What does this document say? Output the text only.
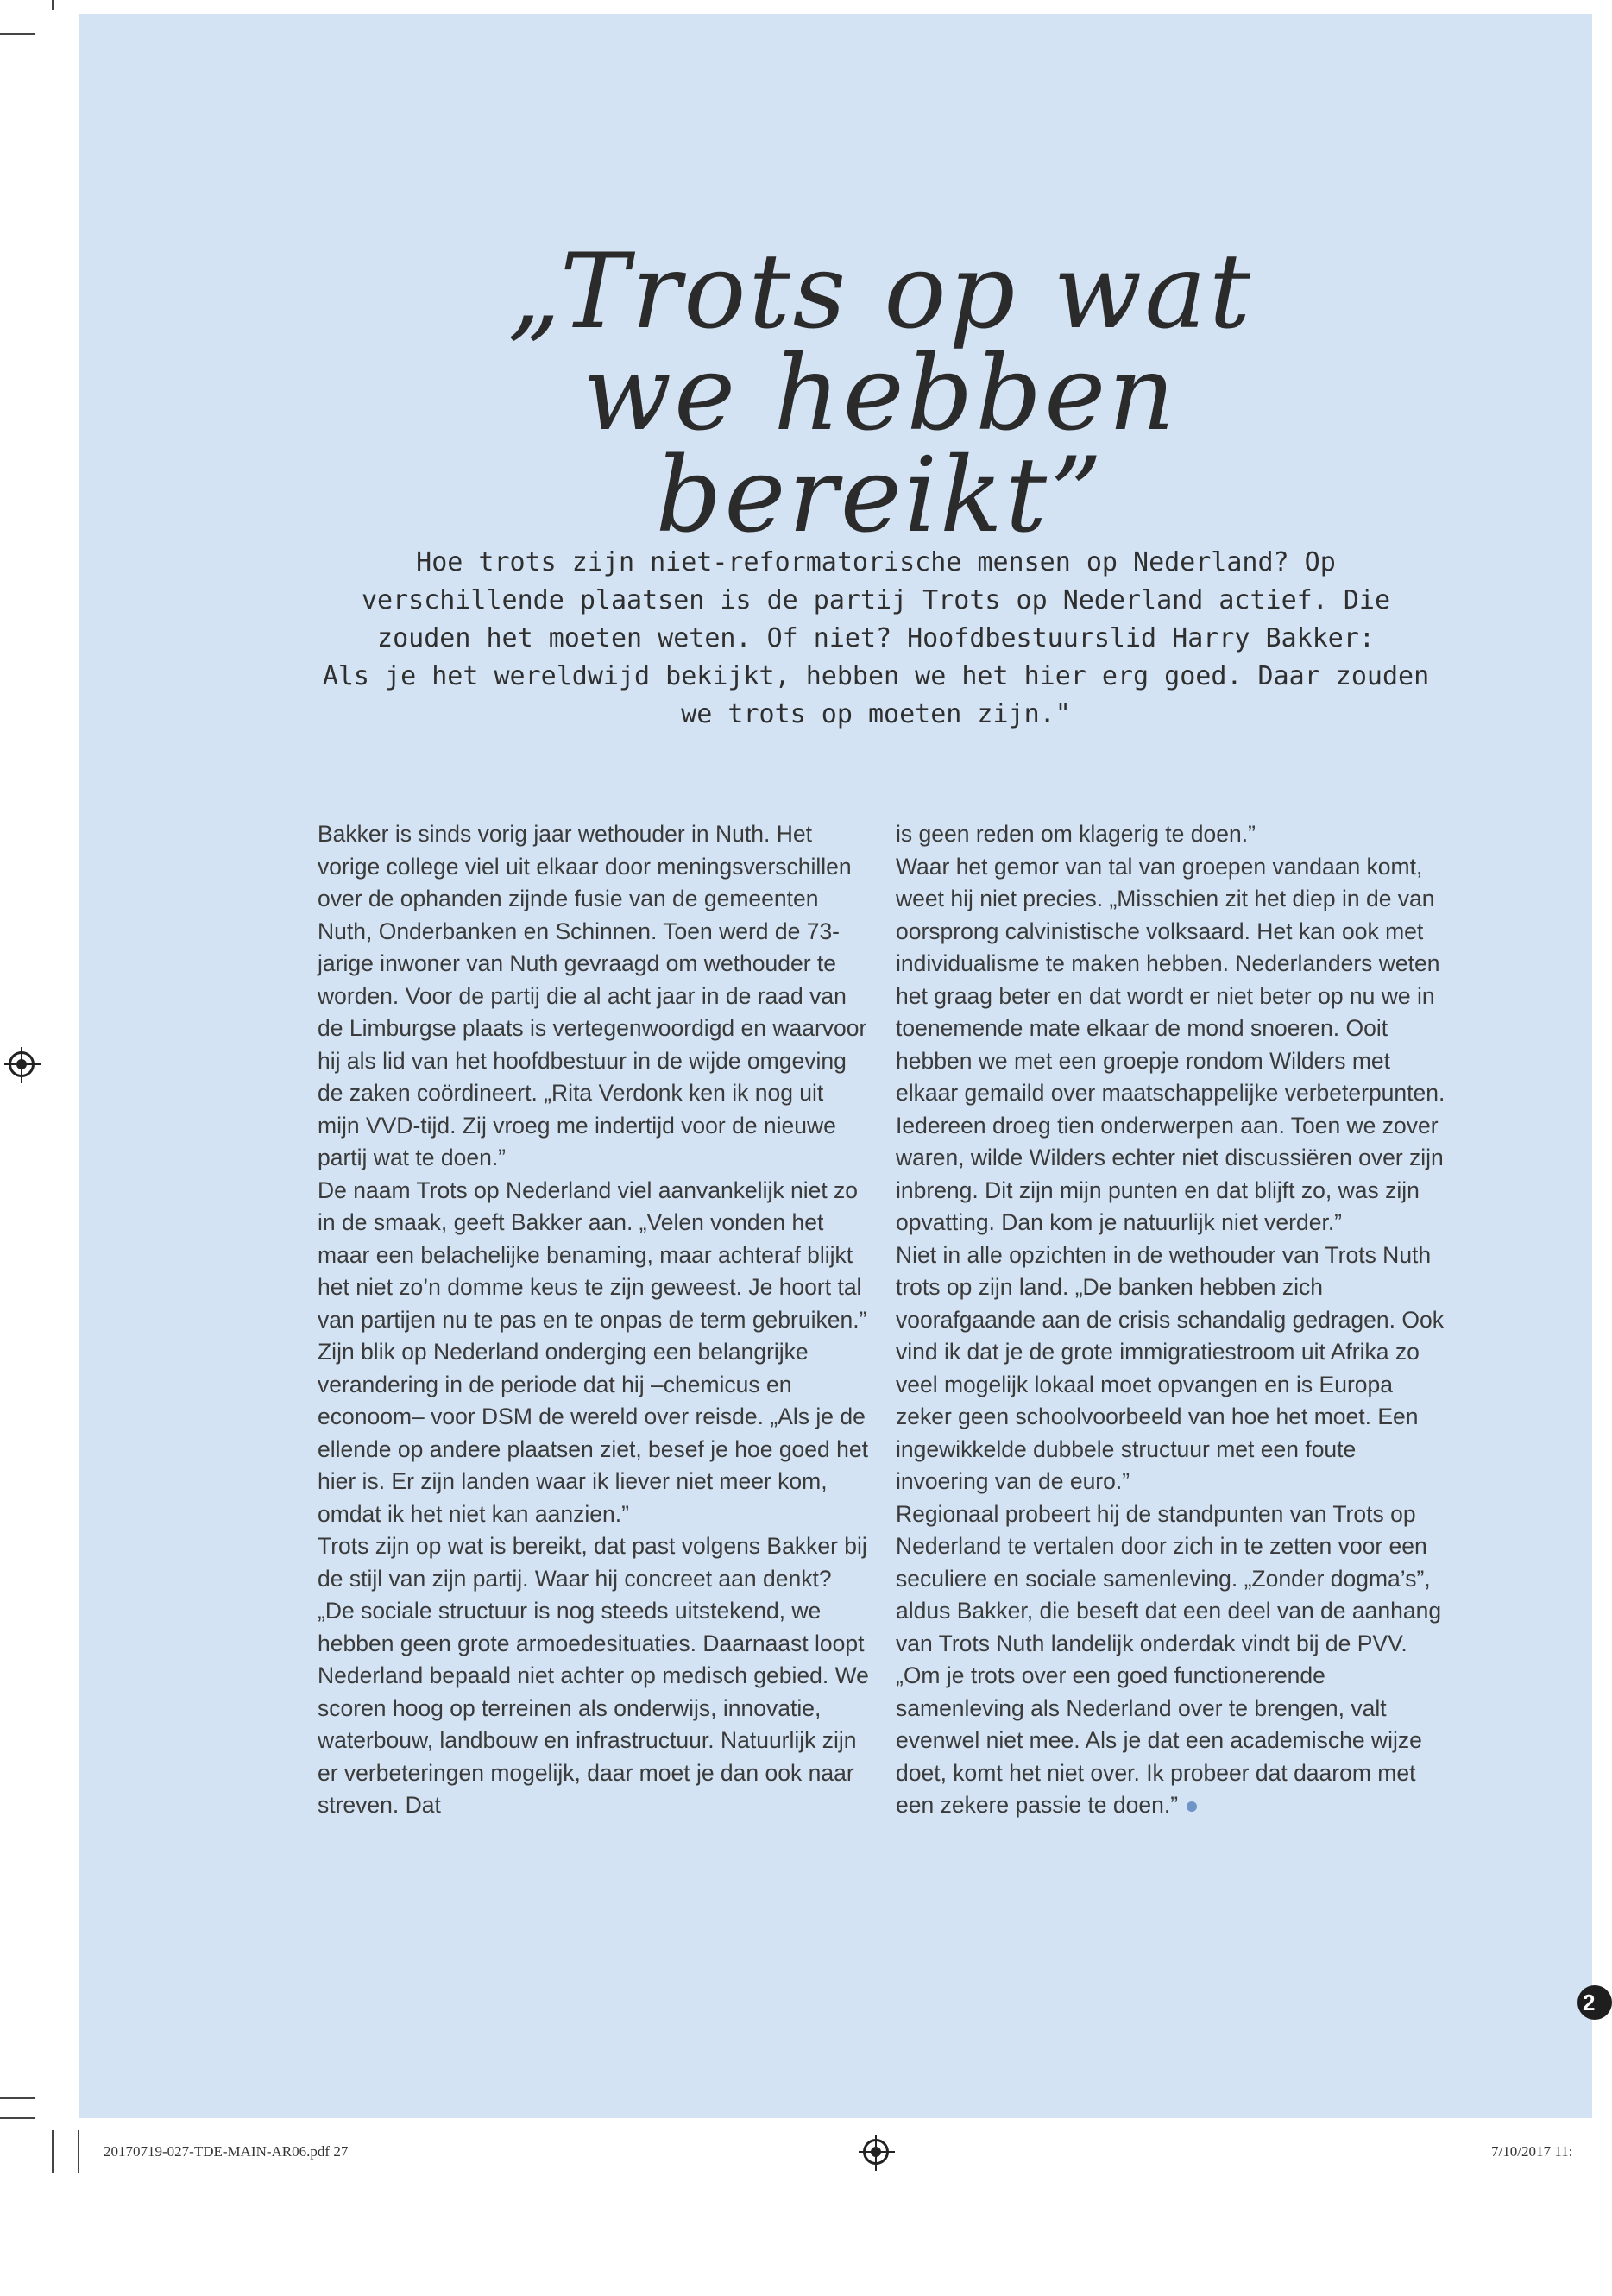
„Trots op wat
we hebben bereikt”

Hoe trots zijn niet-reformatorische mensen op Nederland? Op

verschillende plaatsen is de partij Trots op Nederland actief. Die

zouden het moeten weten. Of niet? Hoofdbestuurslid Harry Bakker:

Als je het wereldwijd bekijkt, hebben we het hier erg goed. Daar zouden

we trots op moeten zijn."

Bakker is sinds vorig jaar wethouder in Nuth. Het vorige college viel uit elkaar door meningsverschillen over de ophanden zijnde fusie van de gemeenten Nuth, Onderbanken en Schinnen. Toen werd de 73-jarige inwoner van Nuth gevraagd om wethouder te worden. Voor de partij die al acht jaar in de raad van de Limburgse plaats is vertegenwoordigd en waarvoor hij als lid van het hoofdbestuur in de wijde omgeving de zaken coördineert. „Rita Verdonk ken ik nog uit mijn VVD-tijd. Zij vroeg me indertijd voor de nieuwe partij wat te doen.”

De naam Trots op Nederland viel aanvankelijk niet zo in de smaak, geeft Bakker aan. „Velen vonden het maar een belachelijke benaming, maar achteraf blijkt het niet zo’n domme keus te zijn geweest. Je hoort tal van partijen nu te pas en te onpas de term gebruiken.”

Zijn blik op Nederland onderging een belangrijke verandering in de periode dat hij –chemicus en econoom– voor DSM de wereld over reisde. „Als je de ellende op andere plaatsen ziet, besef je hoe goed het hier is. Er zijn landen waar ik liever niet meer kom, omdat ik het niet kan aanzien.”

Trots zijn op wat is bereikt, dat past volgens Bakker bij de stijl van zijn partij. Waar hij concreet aan denkt? „De sociale structuur is nog steeds uitstekend, we hebben geen grote armoedesituaties. Daarnaast loopt Nederland bepaald niet achter op medisch gebied. We scoren hoog op terreinen als onderwijs, innovatie, waterbouw, landbouw en infrastructuur. Natuurlijk zijn er verbeteringen mogelijk, daar moet je dan ook naar streven. Dat

is geen reden om klagerig te doen.”

Waar het gemor van tal van groepen vandaan komt, weet hij niet precies. „Misschien zit het diep in de van oorsprong calvinistische volksaard. Het kan ook met individualisme te maken hebben. Nederlanders weten het graag beter en dat wordt er niet beter op nu we in toenemende mate elkaar de mond snoeren. Ooit hebben we met een groepje rondom Wilders met elkaar gemaild over maatschappelijke verbeterpunten. Iedereen droeg tien onderwerpen aan. Toen we zover waren, wilde Wilders echter niet discussiëren over zijn inbreng. Dit zijn mijn punten en dat blijft zo, was zijn opvatting. Dan kom je natuurlijk niet verder.”

Niet in alle opzichten in de wethouder van Trots Nuth trots op zijn land. „De banken hebben zich voorafgaande aan de crisis schandalig gedragen. Ook vind ik dat je de grote immigratiestroom uit Afrika zo veel mogelijk lokaal moet opvangen en is Europa zeker geen schoolvoorbeeld van hoe het moet. Een ingewikkelde dubbele structuur met een foute invoering van de euro.”

Regionaal probeert hij de standpunten van Trots op Nederland te vertalen door zich in te zetten voor een seculiere en sociale samenleving. „Zonder dogma’s”, aldus Bakker, die beseft dat een deel van de aanhang van Trots Nuth landelijk onderdak vindt bij de PVV. „Om je trots over een goed functionerende samenleving als Nederland over te brengen, valt evenwel niet mee. Als je dat een academische wijze doet, komt het niet over. Ik probeer dat daarom met een zekere passie te doen.”

2
20170719-027-TDE-MAIN-AR06.pdf 27	7/10/2017 11:
